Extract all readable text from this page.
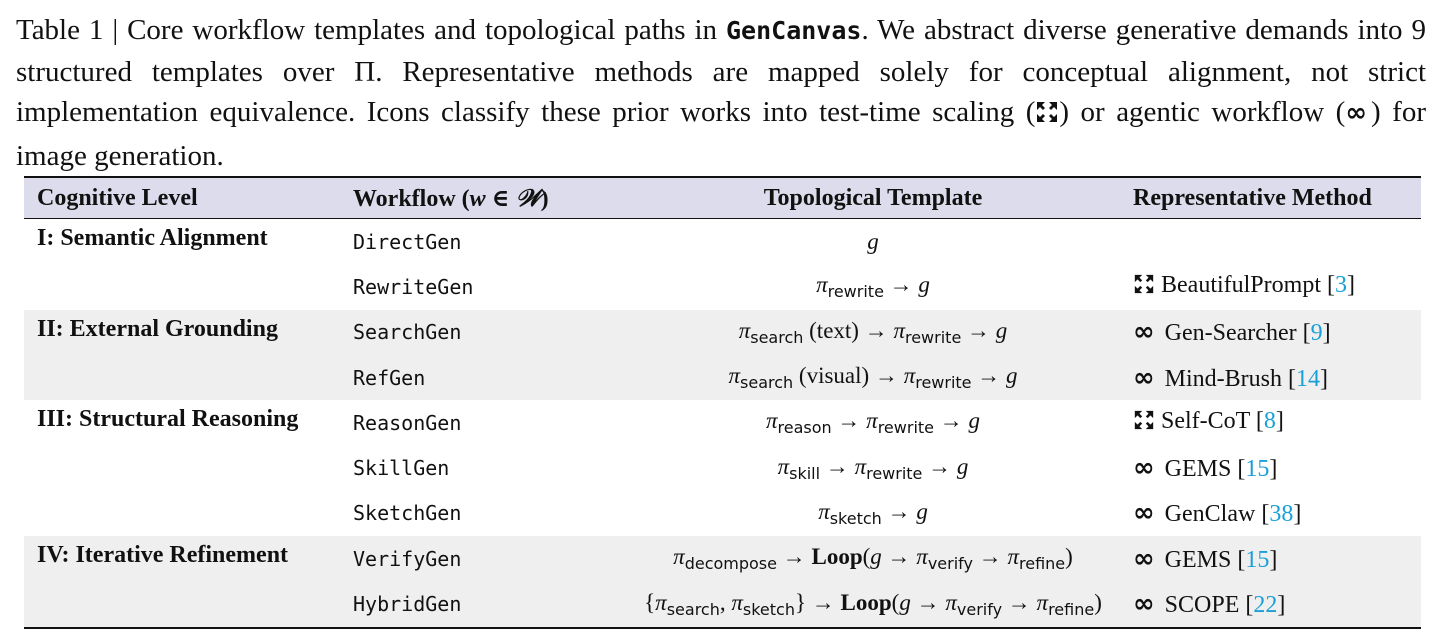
Table 1 | Core workflow templates and topological paths in GenCanvas. We abstract diverse generative demands into 9 structured templates over Π. Representative methods are mapped solely for conceptual alignment, not strict implementation equivalence. Icons classify these prior works into test-time scaling ( ) or agentic workflow (∞ ) for image generation.
Cognitive Level	Workflow (w ∈ 𝒲)	Topological Template	Representative Method
I: Semantic Alignment	DirectGen	g	
	RewriteGen	$\pi_{rewrite} \to g$	BeautifulPrompt [3]
II: External Grounding	SearchGen	$\pi_{search}$ (text) → $\pi_{rewrite} \to g$	∞ Gen-Searcher [9]
	RefGen	$\pi_{search}$ (visual) → $\pi_{rewrite} \to g$	∞ Mind-Brush [14]
III: Structural Reasoning	ReasonGen	$\pi_{reason} \to \pi_{rewrite} \to g$	Self-CoT [8]
	SkillGen	$\pi_{skill} \to \pi_{rewrite} \to g$	∞ GEMS [15]
	SketchGen	$\pi_{sketch} \to g$	∞ GenClaw [38]
IV: Iterative Refinement	VerifyGen	$\pi_{decompose}$ → Loop(g → $\pi_{verify} \to \pi_{refine}$)	∞ GEMS [15]
	HybridGen	{$\pi_{search}$, $\pi_{sketch}$} → Loop(g → $\pi_{verify} \to \pi_{refine}$)	∞ SCOPE [22]
